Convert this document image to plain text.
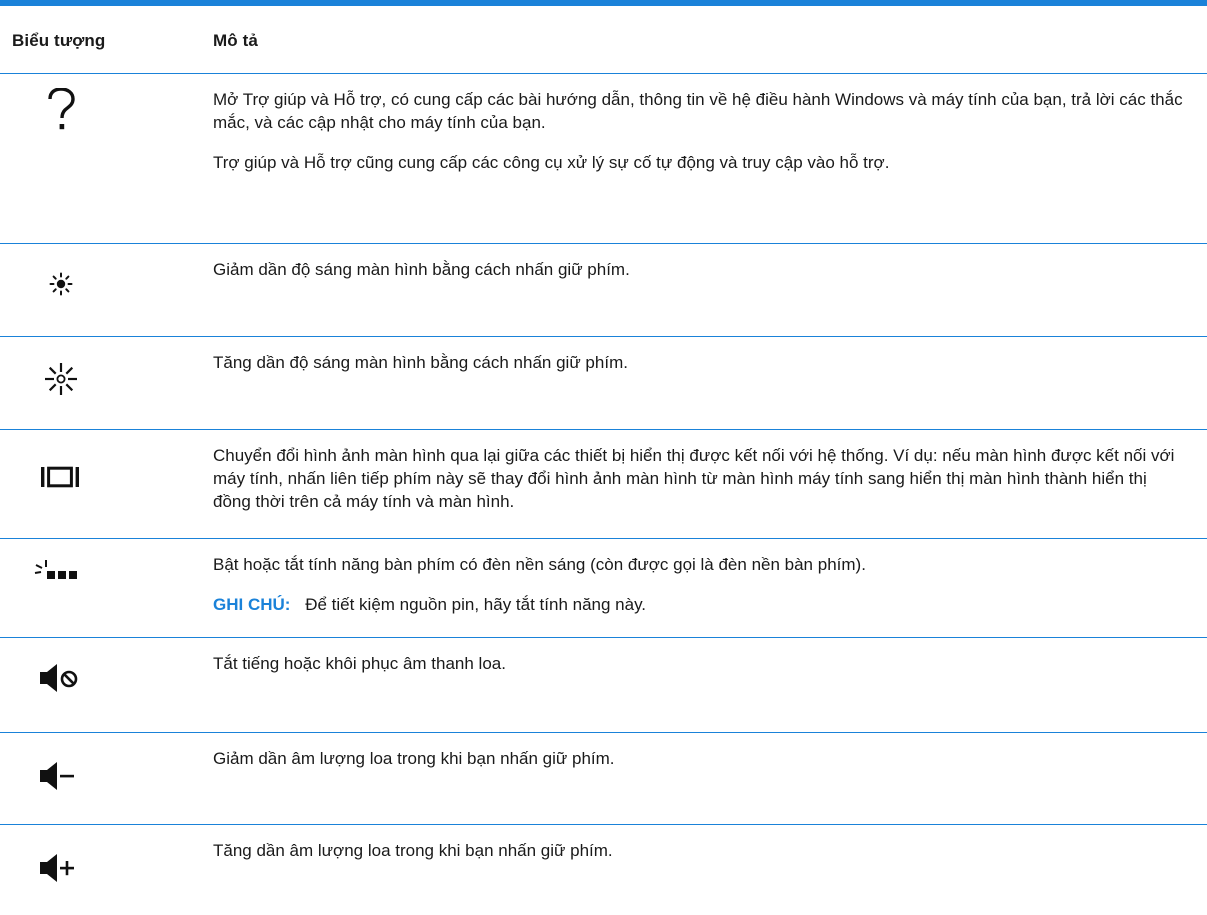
Biểu tượng	Mô tả

Mở Trợ giúp và Hỗ trợ, có cung cấp các bài hướng dẫn, thông tin về hệ điều hành Windows và máy tính của bạn, trả lời các thắc mắc, và các cập nhật cho máy tính của bạn.

Trợ giúp và Hỗ trợ cũng cung cấp các công cụ xử lý sự cố tự động và truy cập vào hỗ trợ.

Giảm dần độ sáng màn hình bằng cách nhấn giữ phím.

Tăng dần độ sáng màn hình bằng cách nhấn giữ phím.

Chuyển đổi hình ảnh màn hình qua lại giữa các thiết bị hiển thị được kết nối với hệ thống. Ví dụ: nếu màn hình được kết nối với máy tính, nhấn liên tiếp phím này sẽ thay đổi hình ảnh màn hình từ màn hình máy tính sang hiển thị màn hình thành hiển thị đồng thời trên cả máy tính và màn hình.

Bật hoặc tắt tính năng bàn phím có đèn nền sáng (còn được gọi là đèn nền bàn phím).

GHI CHÚ: Để tiết kiệm nguồn pin, hãy tắt tính năng này.

Tắt tiếng hoặc khôi phục âm thanh loa.

Giảm dần âm lượng loa trong khi bạn nhấn giữ phím.

Tăng dần âm lượng loa trong khi bạn nhấn giữ phím.
